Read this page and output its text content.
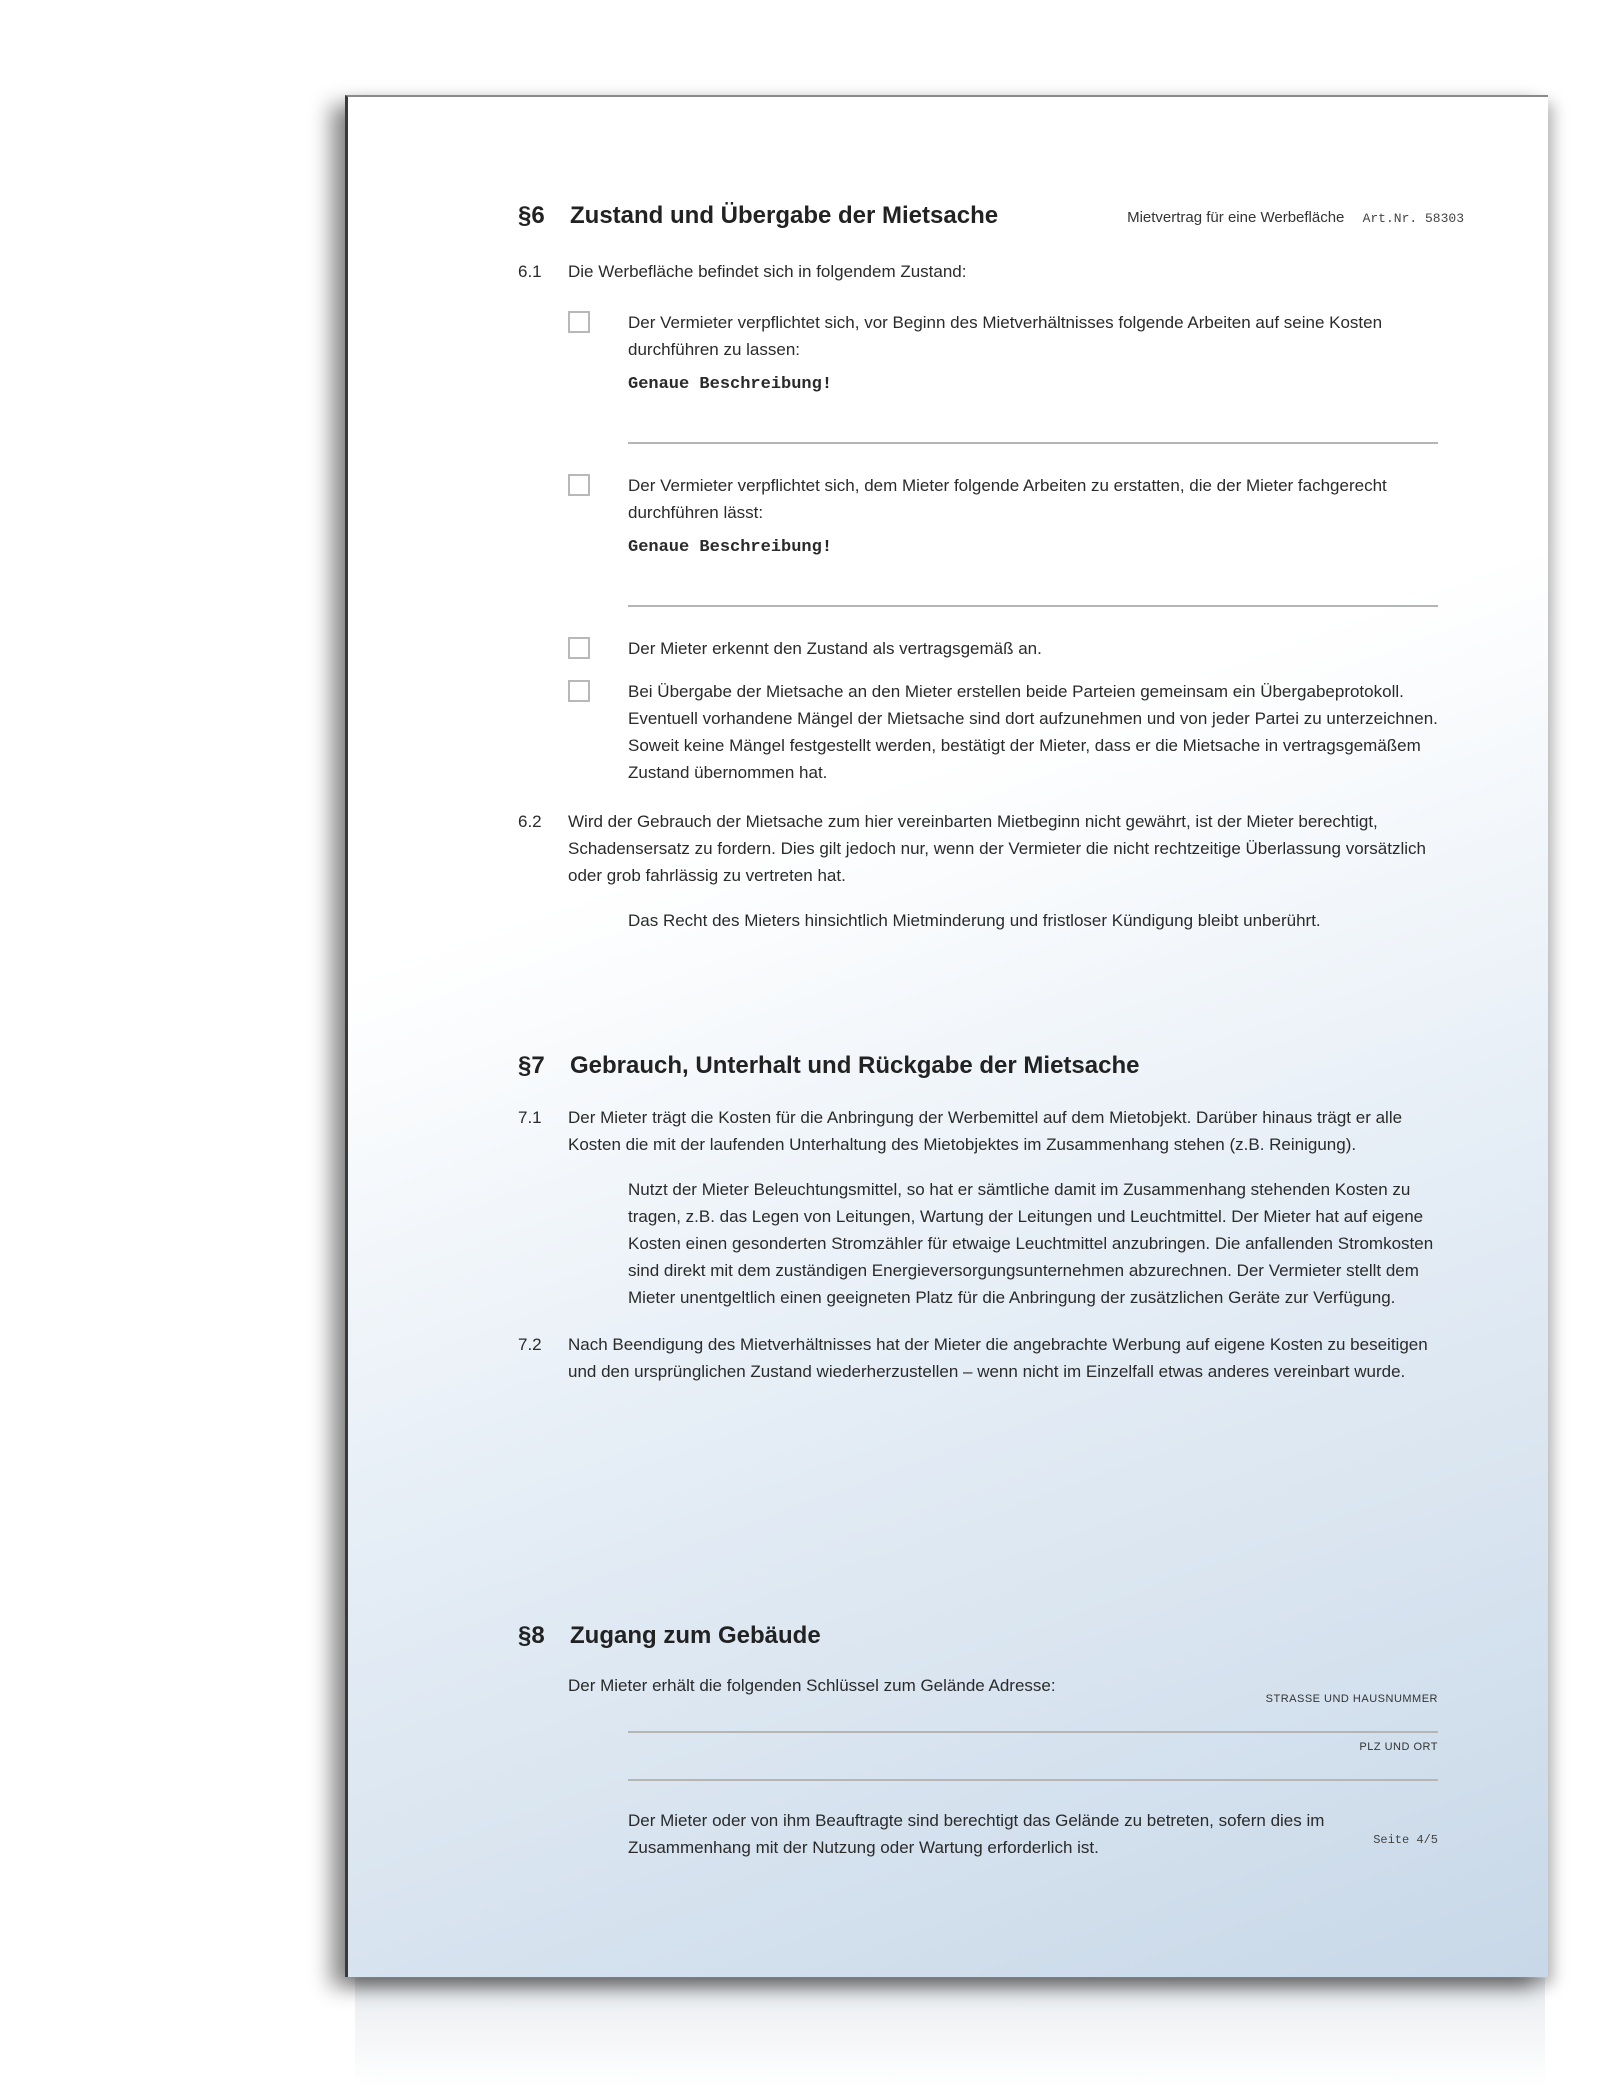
Mietvertrag für eine Werbefläche Art.Nr. 58303
§6 Zustand und Übergabe der Mietsache
6.1 Die Werbefläche befindet sich in folgendem Zustand:
Der Vermieter verpflichtet sich, vor Beginn des Mietverhältnisses folgende Arbeiten auf seine Kosten durchführen zu lassen:
Genaue Beschreibung!
Der Vermieter verpflichtet sich, dem Mieter folgende Arbeiten zu erstatten, die der Mieter fachgerecht durchführen lässt:
Genaue Beschreibung!
Der Mieter erkennt den Zustand als vertragsgemäß an.
Bei Übergabe der Mietsache an den Mieter erstellen beide Parteien gemeinsam ein Übergabeprotokoll. Eventuell vorhandene Mängel der Mietsache sind dort aufzunehmen und von jeder Partei zu unterzeichnen. Soweit keine Mängel festgestellt werden, bestätigt der Mieter, dass er die Mietsache in vertragsgemäßem Zustand übernommen hat.
6.2 Wird der Gebrauch der Mietsache zum hier vereinbarten Mietbeginn nicht gewährt, ist der Mieter berechtigt, Schadensersatz zu fordern. Dies gilt jedoch nur, wenn der Vermieter die nicht rechtzeitige Überlassung vorsätzlich oder grob fahrlässig zu vertreten hat.
Das Recht des Mieters hinsichtlich Mietminderung und fristloser Kündigung bleibt unberührt.
§7 Gebrauch, Unterhalt und Rückgabe der Mietsache
7.1 Der Mieter trägt die Kosten für die Anbringung der Werbemittel auf dem Mietobjekt. Darüber hinaus trägt er alle Kosten die mit der laufenden Unterhaltung des Mietobjektes im Zusammenhang stehen (z.B. Reinigung).
Nutzt der Mieter Beleuchtungsmittel, so hat er sämtliche damit im Zusammenhang stehenden Kosten zu tragen, z.B. das Legen von Leitungen, Wartung der Leitungen und Leuchtmittel. Der Mieter hat auf eigene Kosten einen gesonderten Stromzähler für etwaige Leuchtmittel anzubringen. Die anfallenden Stromkosten sind direkt mit dem zuständigen Energieversorgungsunternehmen abzurechnen. Der Vermieter stellt dem Mieter unentgeltlich einen geeigneten Platz für die Anbringung der zusätzlichen Geräte zur Verfügung.
7.2 Nach Beendigung des Mietverhältnisses hat der Mieter die angebrachte Werbung auf eigene Kosten zu beseitigen und den ursprünglichen Zustand wiederherzustellen – wenn nicht im Einzelfall etwas anderes vereinbart wurde.
§8 Zugang zum Gebäude
Der Mieter erhält die folgenden Schlüssel zum Gelände Adresse:
STRASSE UND HAUSNUMMER
PLZ UND ORT
Der Mieter oder von ihm Beauftragte sind berechtigt das Gelände zu betreten, sofern dies im Zusammenhang mit der Nutzung oder Wartung erforderlich ist.	Seite 4/5
